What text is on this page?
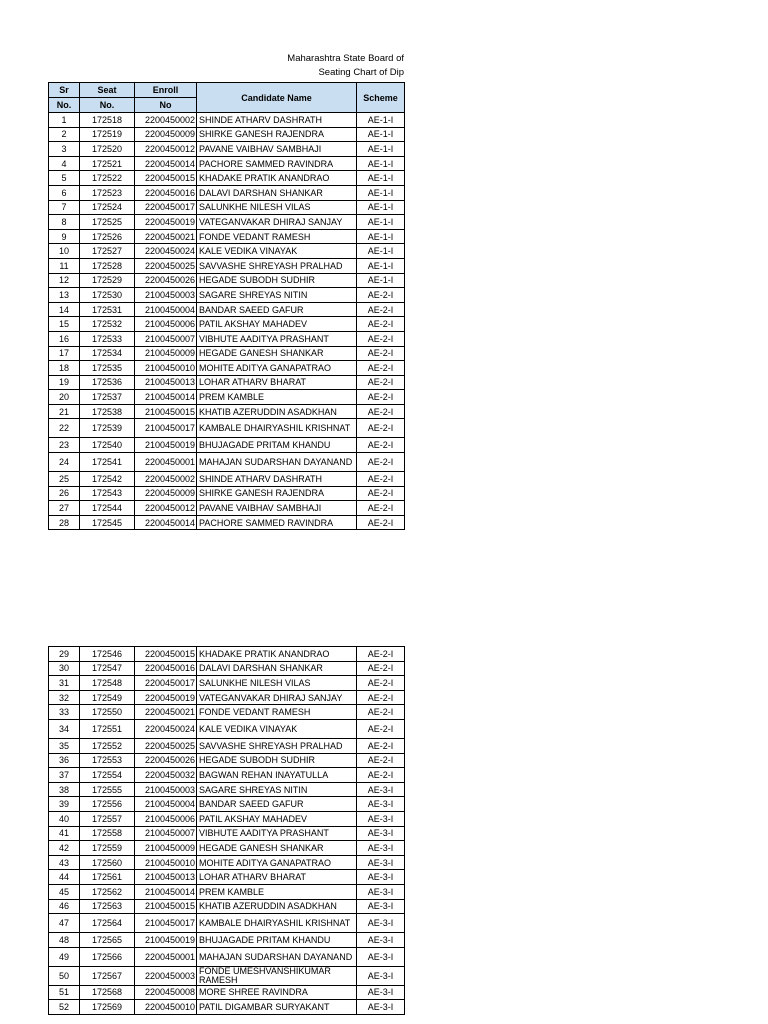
Maharashtra State Board of
Seating Chart of Dip
Sr	Seat	Enroll	Candidate Name	Scheme
No.	No.	No		
1	172518	2200450002	SHINDE ATHARV DASHRATH	AE-1-I
2	172519	2200450009	SHIRKE GANESH RAJENDRA	AE-1-I
3	172520	2200450012	PAVANE VAIBHAV SAMBHAJI	AE-1-I
4	172521	2200450014	PACHORE SAMMED RAVINDRA	AE-1-I
5	172522	2200450015	KHADAKE PRATIK ANANDRAO	AE-1-I
6	172523	2200450016	DALAVI DARSHAN SHANKAR	AE-1-I
7	172524	2200450017	SALUNKHE NILESH VILAS	AE-1-I
8	172525	2200450019	VATEGANVAKAR DHIRAJ SANJAY	AE-1-I
9	172526	2200450021	FONDE VEDANT RAMESH	AE-1-I
10	172527	2200450024	KALE VEDIKA VINAYAK	AE-1-I
11	172528	2200450025	SAVVASHE SHREYASH PRALHAD	AE-1-I
12	172529	2200450026	HEGADE SUBODH SUDHIR	AE-1-I
13	172530	2100450003	SAGARE SHREYAS NITIN	AE-2-I
14	172531	2100450004	BANDAR SAEED GAFUR	AE-2-I
15	172532	2100450006	PATIL AKSHAY MAHADEV	AE-2-I
16	172533	2100450007	VIBHUTE AADITYA PRASHANT	AE-2-I
17	172534	2100450009	HEGADE GANESH SHANKAR	AE-2-I
18	172535	2100450010	MOHITE ADITYA GANAPATRAO	AE-2-I
19	172536	2100450013	LOHAR ATHARV BHARAT	AE-2-I
20	172537	2100450014	PREM KAMBLE	AE-2-I
21	172538	2100450015	KHATIB AZERUDDIN ASADKHAN	AE-2-I
22	172539	2100450017	KAMBALE DHAIRYASHIL KRISHNAT	AE-2-I
23	172540	2100450019	BHUJAGADE PRITAM KHANDU	AE-2-I
24	172541	2200450001	MAHAJAN SUDARSHAN DAYANAND	AE-2-I
25	172542	2200450002	SHINDE ATHARV DASHRATH	AE-2-I
26	172543	2200450009	SHIRKE GANESH RAJENDRA	AE-2-I
27	172544	2200450012	PAVANE VAIBHAV SAMBHAJI	AE-2-I
28	172545	2200450014	PACHORE SAMMED RAVINDRA	AE-2-I
29	172546	2200450015	KHADAKE PRATIK ANANDRAO	AE-2-I
30	172547	2200450016	DALAVI DARSHAN SHANKAR	AE-2-I
31	172548	2200450017	SALUNKHE NILESH VILAS	AE-2-I
32	172549	2200450019	VATEGANVAKAR DHIRAJ SANJAY	AE-2-I
33	172550	2200450021	FONDE VEDANT RAMESH	AE-2-I
34	172551	2200450024	KALE VEDIKA VINAYAK	AE-2-I
35	172552	2200450025	SAVVASHE SHREYASH PRALHAD	AE-2-I
36	172553	2200450026	HEGADE SUBODH SUDHIR	AE-2-I
37	172554	2200450032	BAGWAN REHAN INAYATULLA	AE-2-I
38	172555	2100450003	SAGARE SHREYAS NITIN	AE-3-I
39	172556	2100450004	BANDAR SAEED GAFUR	AE-3-I
40	172557	2100450006	PATIL AKSHAY MAHADEV	AE-3-I
41	172558	2100450007	VIBHUTE AADITYA PRASHANT	AE-3-I
42	172559	2100450009	HEGADE GANESH SHANKAR	AE-3-I
43	172560	2100450010	MOHITE ADITYA GANAPATRAO	AE-3-I
44	172561	2100450013	LOHAR ATHARV BHARAT	AE-3-I
45	172562	2100450014	PREM KAMBLE	AE-3-I
46	172563	2100450015	KHATIB AZERUDDIN ASADKHAN	AE-3-I
47	172564	2100450017	KAMBALE DHAIRYASHIL KRISHNAT	AE-3-I
48	172565	2100450019	BHUJAGADE PRITAM KHANDU	AE-3-I
49	172566	2200450001	MAHAJAN SUDARSHAN DAYANAND	AE-3-I
50	172567	2200450003	FONDE UMESHVANSHIKUMAR RAMESH	AE-3-I
51	172568	2200450008	MORE SHREE RAVINDRA	AE-3-I
52	172569	2200450010	PATIL DIGAMBAR SURYAKANT	AE-3-I
